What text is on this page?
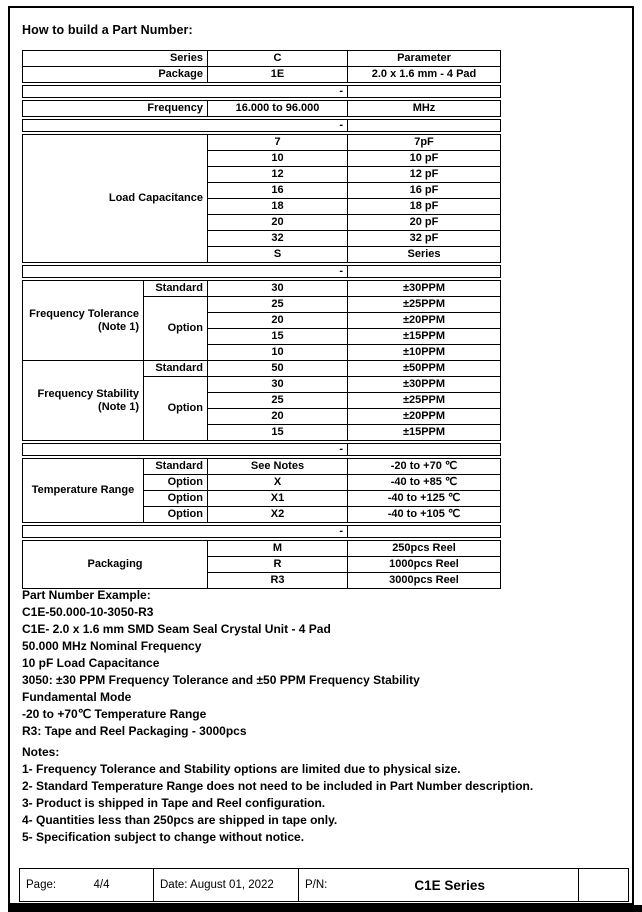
How to build a Part Number:
Series	C	Parameter
Package	1E	2.0 x 1.6 mm - 4 Pad
-	
Frequency	16.000 to 96.000	MHz
-	
Load Capacitance	7	7pF
	10	10 pF
	12	12 pF
	16	16 pF
	18	18 pF
	20	20 pF
	32	32 pF
	S	Series
-	
Frequency Tolerance
(Note 1)	Standard	30	±30PPM
	Option	25	±25PPM
		20	±20PPM
		15	±15PPM
		10	±10PPM

Frequency Stability
(Note 1)	Standard	50	±50PPM
	Option	30	±30PPM
		25	±25PPM
		20	±20PPM
		15	±15PPM
-	
Temperature Range	Standard	See Notes	-20 to +70 ℃
	Option	X	-40 to +85 ℃
	Option	X1	-40 to +125 ℃
	Option	X2	-40 to +105 ℃
-	
Packaging	M	250pcs Reel
	R	1000pcs Reel
	R3	3000pcs Reel
Part Number Example:
C1E-50.000-10-3050-R3
C1E- 2.0 x 1.6 mm SMD Seam Seal Crystal Unit - 4 Pad
50.000 MHz Nominal Frequency
10 pF Load Capacitance
3050: ±30 PPM Frequency Tolerance and ±50 PPM Frequency Stability
Fundamental Mode
-20 to +70℃ Temperature Range
R3: Tape and Reel Packaging - 3000pcs
Notes:
1- Frequency Tolerance and Stability options are limited due to physical size.
2- Standard Temperature Range does not need to be included in Part Number description.
3- Product is shipped in Tape and Reel configuration.
4- Quantities less than 250pcs are shipped in tape only.
5- Specification subject to change without notice.
Page:	4/4	Date: August 01, 2022	P/N:	C1E Series
